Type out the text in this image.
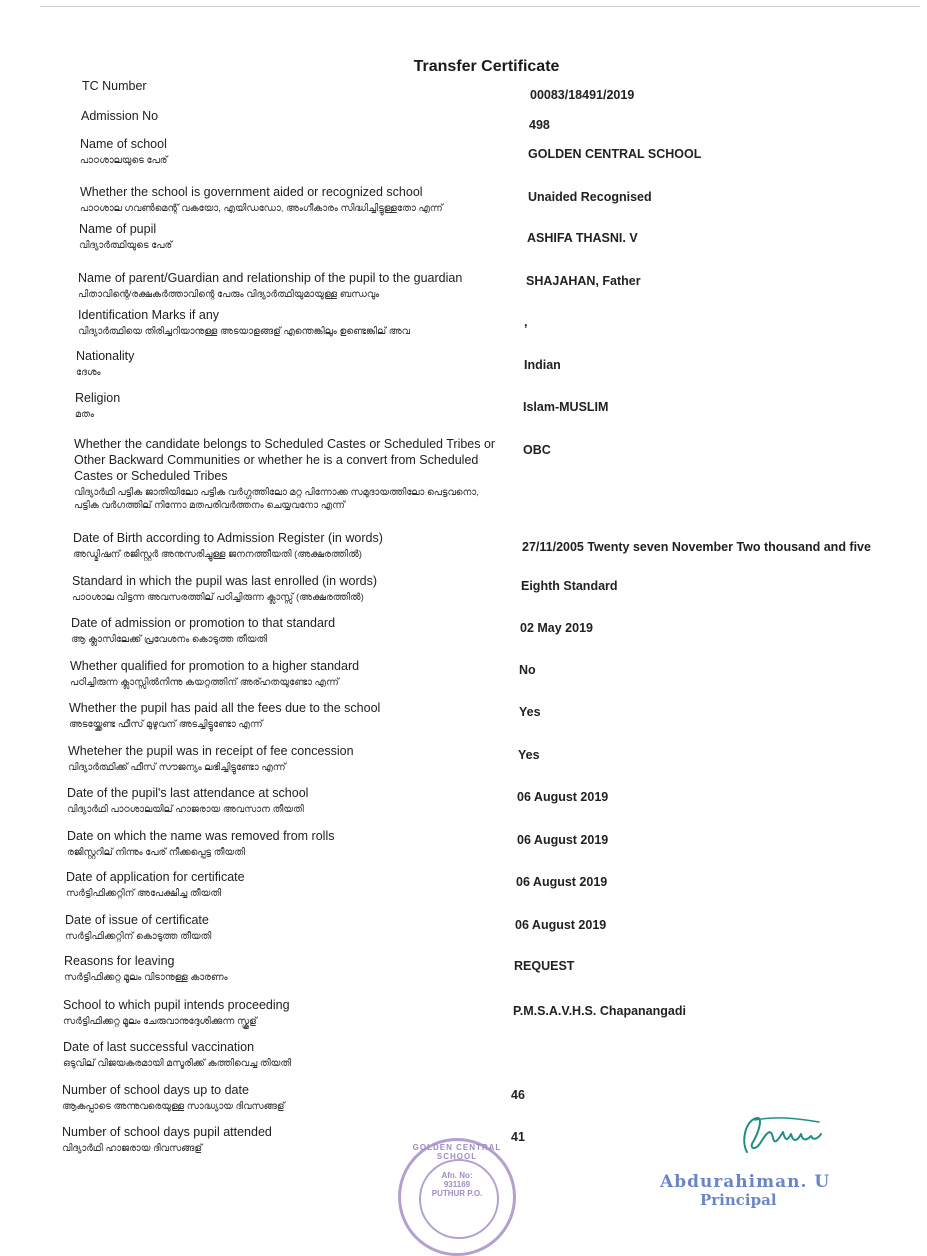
Transfer Certificate
TC Number
00083/18491/2019
Admission No
498
Name of school
പാഠശാലയുടെ പേര്	GOLDEN CENTRAL SCHOOL
Whether the school is government aided or recognized school
പാഠശാല ഗവൺമെന്റ് വകയോ, എയിഡഡോ, അംഗീകാരം സിദ്ധിച്ചിട്ടുള്ളതോ എന്ന്
Unaided Recognised
Name of pupil
വിദ്യാർത്ഥിയുടെ പേര്
ASHIFA THASNI. V
Name of parent/Guardian and relationship of the pupil to the guardian
പിതാവിന്റെ/രക്ഷകർത്താവിന്റെ പേരും വിദ്യാർത്ഥിയുമായുള്ള ബന്ധവും
SHAJAHAN, Father
Identification Marks if any
വിദ്യാർത്ഥിയെ തിരിച്ചറിയാനുള്ള അടയാളങ്ങള് എന്തെങ്കിലും ഉണ്ടെങ്കില് അവ
,
Nationality
ദേശം
Indian
Religion
മതം
Islam-MUSLIM
Whether the candidate belongs to Scheduled Castes or Scheduled Tribes or Other Backward Communities or whether he is a convert from Scheduled Castes or Scheduled Tribes
വിദ്യാർഥി പട്ടിക ജാതിയിലോ പട്ടിക വർഗ്ഗത്തിലോ മറ്റ പിന്നോക്ക സമുദായത്തിലോ പെട്ടവനൊ, പട്ടിക വർഗത്തില് നിന്നോ മതപരിവർത്തനം ചെയ്യവനോ എന്ന്
OBC
Date of Birth according to Admission Register (in words)
അഡ്മിഷന് രജിസ്റ്റർ അനുസരിച്ചുള്ള ജനനത്തീയതി (അക്ഷരത്തിൽ)
27/11/2005 Twenty seven November Two thousand and five
Standard in which the pupil was last enrolled (in words)
പാഠശാല വിട്ടന്ന അവസരത്തില് പഠിച്ചിരുന്ന ക്ലാസ്സ് (അക്ഷരത്തിൽ)
Eighth Standard
Date of admission or promotion to that standard
ആ ക്ലാസിലേക്ക് പ്രവേശനം കൊടുത്ത തീയതി
02 May 2019
Whether qualified for promotion to a higher standard
പഠിച്ചിരുന്ന ക്ലാസ്സിൽനിന്നു കയറ്റത്തിന് അര്ഹതയുണ്ടോ എന്ന്
No
Whether the pupil has paid all the fees due to the school
അടയ്ക്കേണ്ട ഫീസ് മുഴുവന് അടച്ചിട്ടുണ്ടോ എന്ന്
Yes
Wheteher the pupil was in receipt of fee concession
വിദ്യാർത്ഥിക്ക് ഫീസ് സൗജന്യം ലഭിച്ചിട്ടുണ്ടോ എന്ന്
Yes
Date of the pupil's last attendance at school
വിദ്യാർഥി പാഠശാലയില് ഹാജരായ അവസാന തീയതി
06 August 2019
Date on which the name was removed from rolls
രജിസ്റ്ററില് നിന്നും പേര് നീക്കപ്പെട്ട തീയതി
06 August 2019
Date of application for certificate
സർട്ടിഫിക്കറ്റിന് അപേക്ഷിച്ച തീയതി
06 August 2019
Date of issue of certificate
സർട്ടിഫിക്കറ്റിന് കൊടുത്ത തീയതി
06 August 2019
Reasons for leaving
സർട്ടിഫിക്കറ്റ മൂലം വിടാനുള്ള കാരണം
REQUEST
School to which pupil intends proceeding
സർട്ടിഫിക്കറ്റ മൂലം ചേരുവാനുദ്ദേശിക്കുന്ന സ്കൂള്
P.M.S.A.V.H.S. Chapanangadi
Date of last successful vaccination
ഒടുവില് വിജയകരമായി മസൂരിക്ക് കത്തിവെച്ച തിയതി
Number of school days up to date
ആകപ്പാടെ അന്നുവരെയുള്ള സാദ്ധ്യായ ദിവസങ്ങള്
46
Number of school days pupil attended
വിദ്യാർഥി ഹാജരായ ദിവസങ്ങള്
41
GOLDEN CENTRAL SCHOOL
Afn. No:
931169
PUTHUR P.O.
Abdurahiman. U
Principal
